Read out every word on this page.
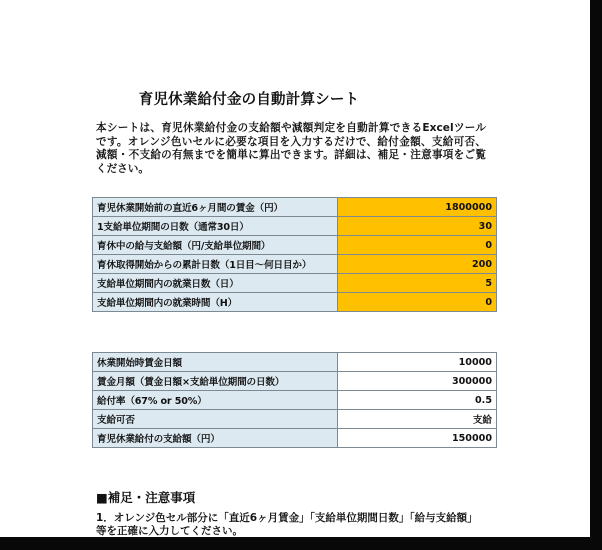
育児休業給付金の自動計算シート
本シートは、育児休業給付金の支給額や減額判定を自動計算できるExcelツールです。オレンジ色いセルに必要な項目を入力するだけで、給付金額、支給可否、減額・不支給の有無までを簡単に算出できます。詳細は、補足・注意事項をご覧ください。
育児休業開始前の直近6ヶ月間の賃金（円）	1800000
1支給単位期間の日数（通常30日）	30
育休中の給与支給額（円/支給単位期間）	0
育休取得開始からの累計日数（1日目〜何日目か）	200
支給単位期間内の就業日数（日）	5
支給単位期間内の就業時間（H）	0
休業開始時賃金日額	10000
賃金月額（賃金日額×支給単位期間の日数）	300000
給付率（67% or 50%）	0.5
支給可否	支給
育児休業給付の支給額（円）	150000
■補足・注意事項
1．オレンジ色セル部分に「直近6ヶ月賃金」「支給単位期間日数」「給与支給額」等を正確に入力してください。
